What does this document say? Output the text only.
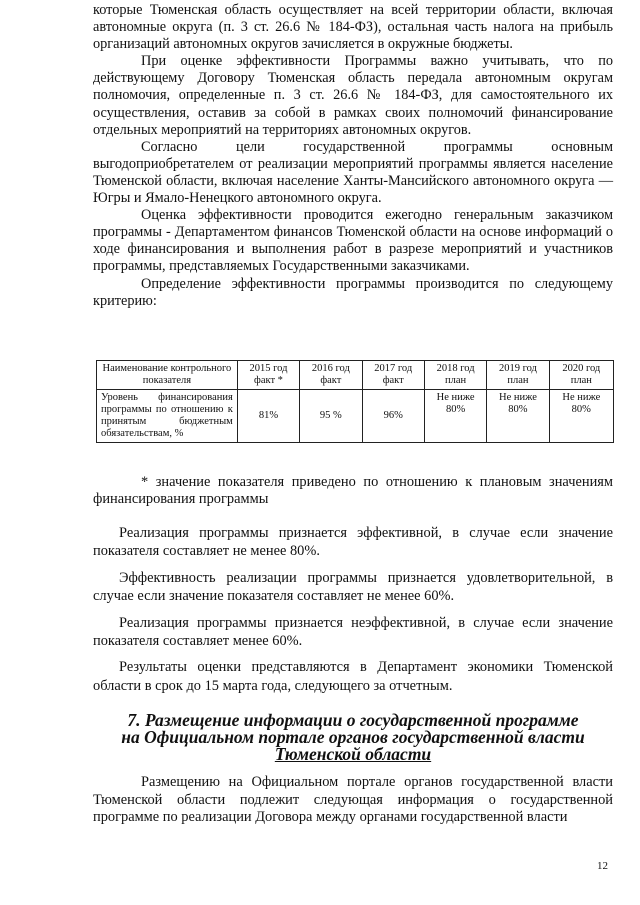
которые Тюменская область осуществляет на всей территории области, включая автономные округа (п. 3 ст. 26.6 № 184-ФЗ), остальная часть налога на прибыль организаций автономных округов зачисляется в окружные бюджеты.

При оценке эффективности Программы важно учитывать, что по действующему Договору Тюменская область передала автономным округам полномочия, определенные п. 3 ст. 26.6 № 184-ФЗ, для самостоятельного их осуществления, оставив за собой в рамках своих полномочий финансирование отдельных мероприятий на территориях автономных округов.

Согласно цели государственной программы основным выгодоприобретателем от реализации мероприятий программы является население Тюменской области, включая население Ханты-Мансийского автономного округа — Югры и Ямало-Ненецкого автономного округа.

Оценка эффективности проводится ежегодно генеральным заказчиком программы - Департаментом финансов Тюменской области на основе информаций о ходе финансирования и выполнения работ в разрезе мероприятий и участников программы, представляемых Государственными заказчиками.

Определение эффективности программы производится по следующему критерию:

Наименование контрольного показателя	2015 год факт *	2016 год факт	2017 год факт	2018 год план	2019 год план	2020 год план
Уровень финансирования программы по отношению к принятым бюджетным обязательствам, %	81%	95 %	96%	Не ниже 80%	Не ниже 80%	Не ниже 80%

* значение показателя приведено по отношению к плановым значениям финансирования программы

Реализация программы признается эффективной, в случае если значение показателя составляет не менее 80%.

Эффективность реализации программы признается удовлетворительной, в случае если значение показателя составляет не менее 60%.

Реализация программы признается неэффективной, в случае если значение показателя составляет менее 60%.

Результаты оценки представляются в Департамент экономики Тюменской области в срок до 15 марта года, следующего за отчетным.

7. Размещение информации о государственной программе
на Официальном портале органов государственной власти
Тюменской области

Размещению на Официальном портале органов государственной власти Тюменской области подлежит следующая информация о государственной программе по реализации Договора между органами государственной власти

12
